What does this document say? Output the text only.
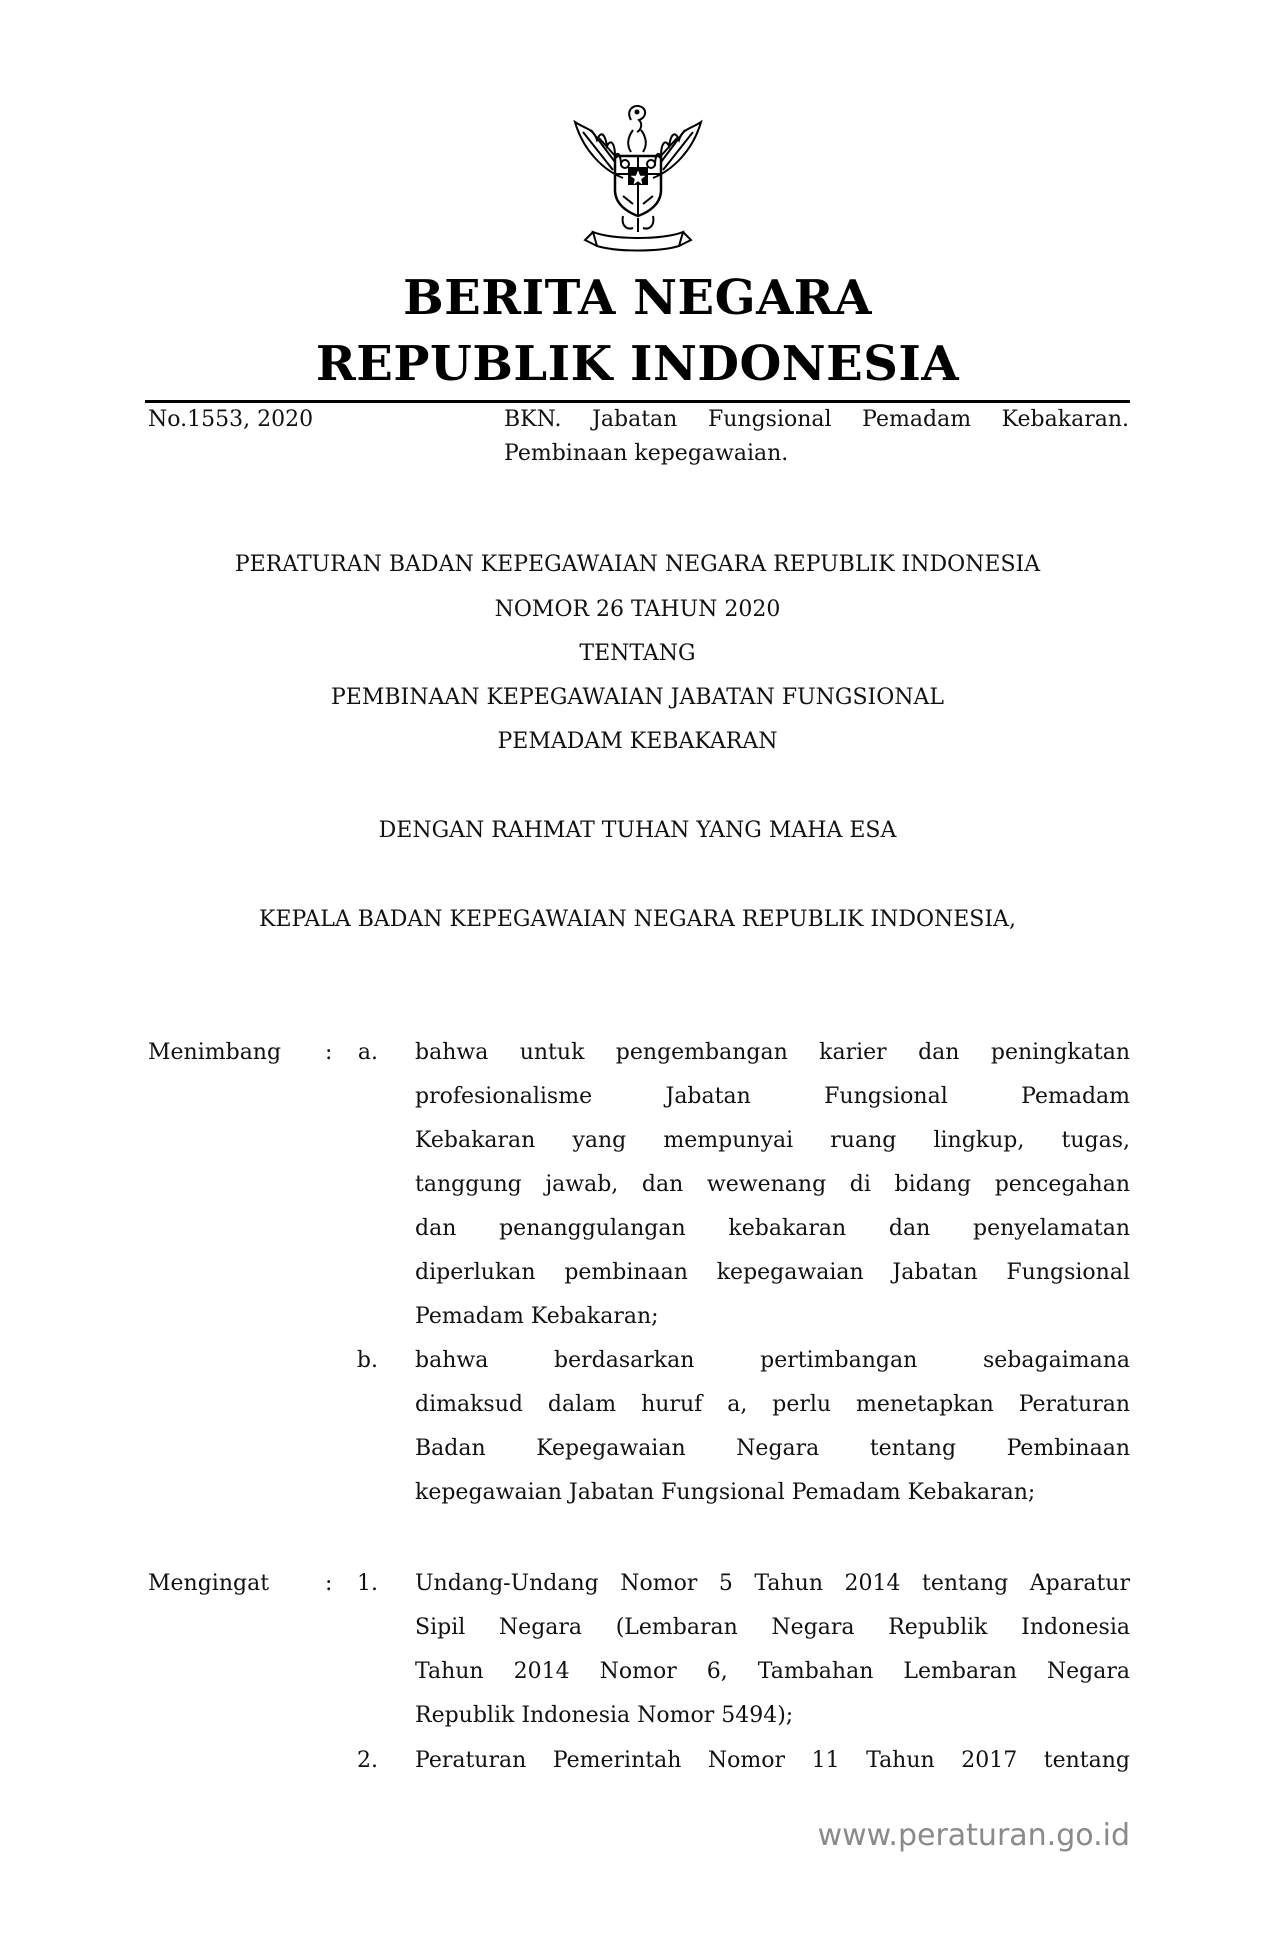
BERITA NEGARA
REPUBLIK INDONESIA
No.1553, 2020	BKN. Jabatan Fungsional Pemadam Kebakaran.
Pembinaan kepegawaian.
PERATURAN BADAN KEPEGAWAIAN NEGARA REPUBLIK INDONESIA
NOMOR 26 TAHUN 2020
TENTANG
PEMBINAAN KEPEGAWAIAN JABATAN FUNGSIONAL
PEMADAM KEBAKARAN
DENGAN RAHMAT TUHAN YANG MAHA ESA
KEPALA BADAN KEPEGAWAIAN NEGARA REPUBLIK INDONESIA,
Menimbang :	a. bahwa untuk pengembangan karier dan peningkatan
profesionalisme Jabatan Fungsional Pemadam
Kebakaran yang mempunyai ruang lingkup, tugas,
tanggung jawab, dan wewenang di bidang pencegahan
dan penanggulangan kebakaran dan penyelamatan
diperlukan pembinaan kepegawaian Jabatan Fungsional
Pemadam Kebakaran;
b. bahwa berdasarkan pertimbangan sebagaimana
dimaksud dalam huruf a, perlu menetapkan Peraturan
Badan Kepegawaian Negara tentang Pembinaan
kepegawaian Jabatan Fungsional Pemadam Kebakaran;
Mengingat	:	1. Undang-Undang Nomor 5 Tahun 2014 tentang Aparatur
Sipil Negara (Lembaran Negara Republik Indonesia
Tahun 2014 Nomor 6, Tambahan Lembaran Negara
Republik Indonesia Nomor 5494);
2. Peraturan Pemerintah Nomor 11 Tahun 2017 tentang
www.peraturan.go.id
